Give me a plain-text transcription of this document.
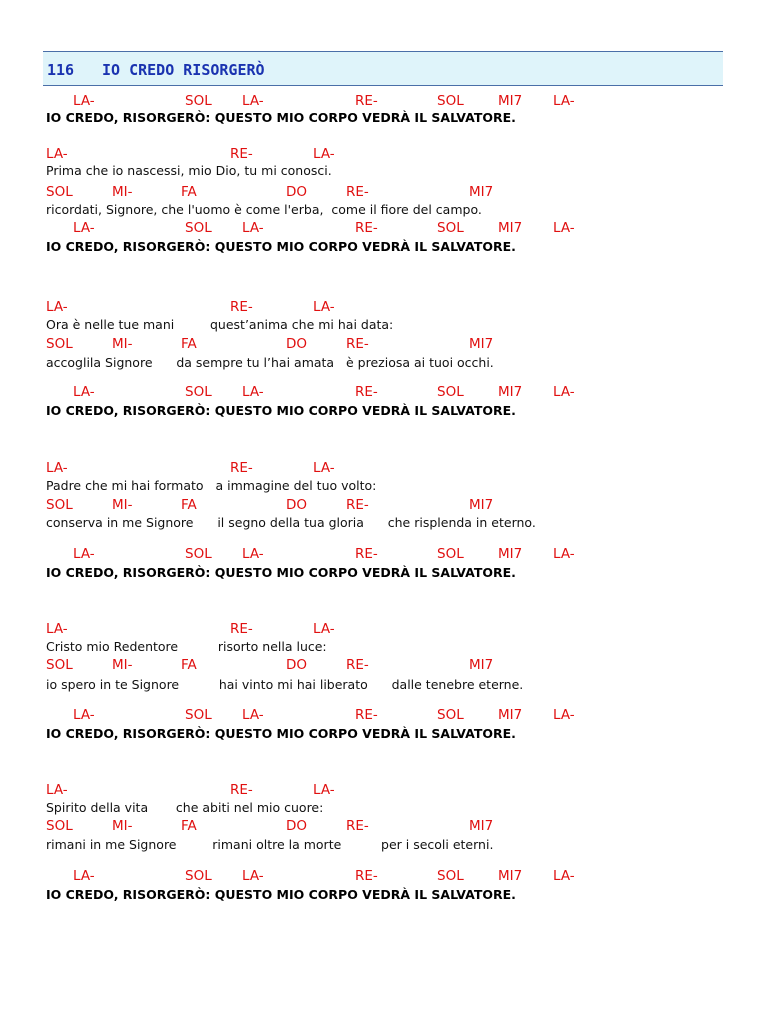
116 IO CREDO RISORGERÒ
LA-	SOL LA-	RE-	SOL	MI7 LA-
IO CREDO, RISORGERÒ: QUESTO MIO CORPO VEDRÀ IL SALVATORE.
LA-	RE-	LA-
Prima che io nascessi, mio Dio, tu mi conosci.
SOL	MI-	FA	DO	RE-	MI7
ricordati, Signore, che l'uomo è come l'erba,  come il fiore del campo.
LA-	SOL LA-	RE-	SOL	MI7 LA-
IO CREDO, RISORGERÒ: QUESTO MIO CORPO VEDRÀ IL SALVATORE.
LA-	RE-	LA-
Ora è nelle tue mani         quest’anima che mi hai data:
SOL	MI-	FA	DO	RE-	MI7
accoglila Signore      da sempre tu l’hai amata   è preziosa ai tuoi occhi.
LA-	SOL LA-	RE-	SOL	MI7 LA-
IO CREDO, RISORGERÒ: QUESTO MIO CORPO VEDRÀ IL SALVATORE.
LA-	RE-	LA-
Padre che mi hai formato   a immagine del tuo volto:
SOL	MI-	FA	DO	RE-	MI7
conserva in me Signore      il segno della tua gloria      che risplenda in eterno.
LA-	SOL LA-	RE-	SOL	MI7 LA-
IO CREDO, RISORGERÒ: QUESTO MIO CORPO VEDRÀ IL SALVATORE.
LA-	RE-	LA-
Cristo mio Redentore          risorto nella luce:
SOL	MI-	FA	DO	RE-	MI7
io spero in te Signore          hai vinto mi hai liberato      dalle tenebre eterne.
LA-	SOL LA-	RE-	SOL	MI7 LA-
IO CREDO, RISORGERÒ: QUESTO MIO CORPO VEDRÀ IL SALVATORE.
LA-	RE-	LA-
Spirito della vita       che abiti nel mio cuore:
SOL	MI-	FA	DO	RE-	MI7
rimani in me Signore         rimani oltre la morte          per i secoli eterni.
LA-	SOL LA-	RE-	SOL	MI7 LA-
IO CREDO, RISORGERÒ: QUESTO MIO CORPO VEDRÀ IL SALVATORE.
